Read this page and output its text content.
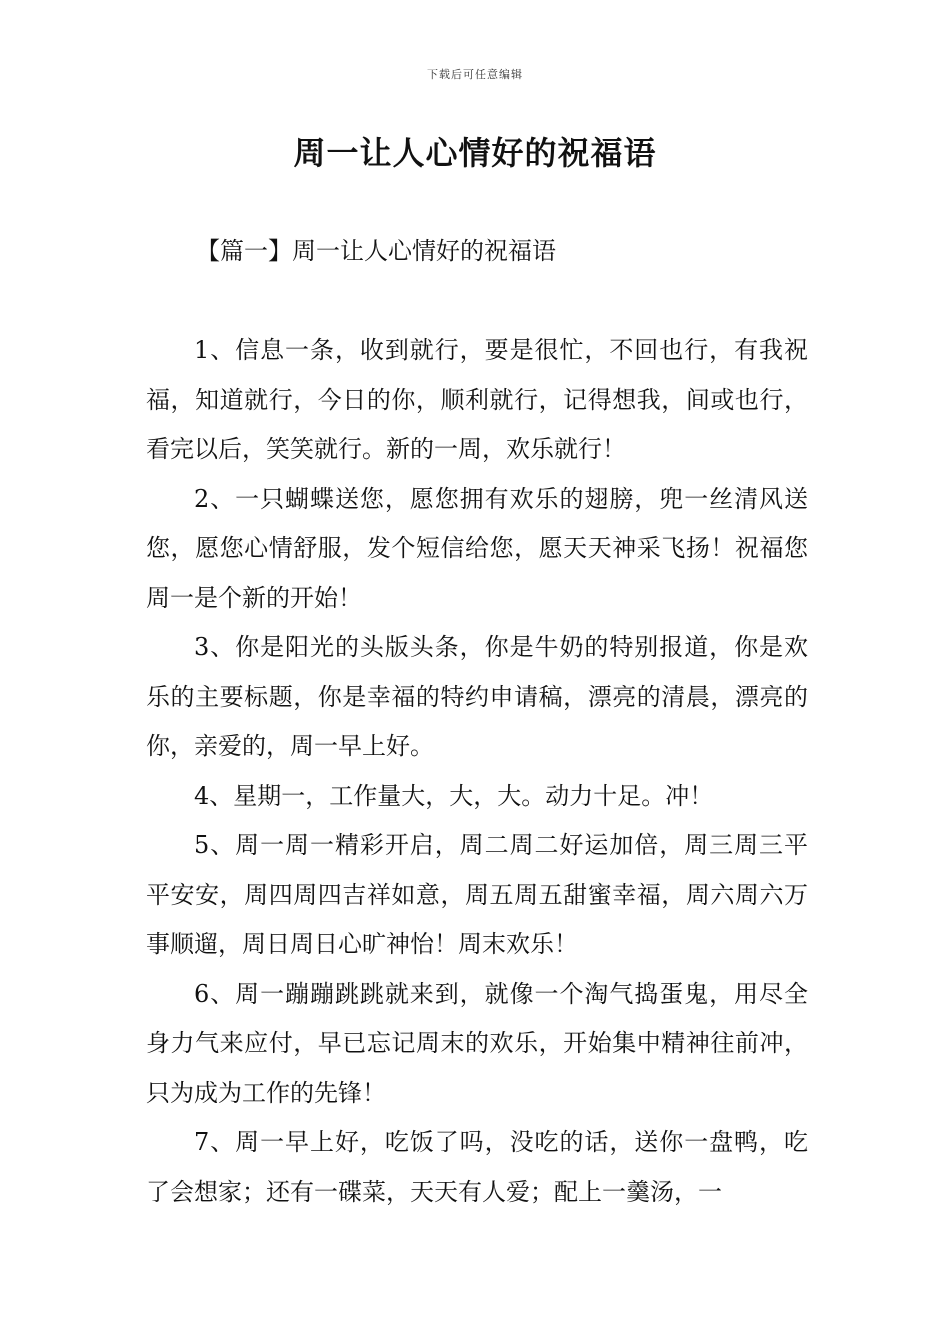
下载后可任意编辑
周一让人心情好的祝福语
【篇一】周一让人心情好的祝福语

1、信息一条，收到就行，要是很忙，不回也行，有我祝福，知道就行，今日的你，顺利就行，记得想我，间或也行，看完以后，笑笑就行。新的一周，欢乐就行！

2、一只蝴蝶送您，愿您拥有欢乐的翅膀，兜一丝清风送您，愿您心情舒服，发个短信给您，愿天天神采飞扬！祝福您周一是个新的开始！

3、你是阳光的头版头条，你是牛奶的特别报道，你是欢乐的主要标题，你是幸福的特约申请稿，漂亮的清晨，漂亮的你，亲爱的，周一早上好。

4、星期一，工作量大，大，大。动力十足。冲！

5、周一周一精彩开启，周二周二好运加倍，周三周三平平安安，周四周四吉祥如意，周五周五甜蜜幸福，周六周六万事顺遛，周日周日心旷神怡！周末欢乐！

6、周一蹦蹦跳跳就来到，就像一个淘气捣蛋鬼，用尽全身力气来应付，早已忘记周末的欢乐，开始集中精神往前冲，只为成为工作的先锋！

7、周一早上好，吃饭了吗，没吃的话，送你一盘鸭，吃了会想家；还有一碟菜，天天有人爱；配上一羹汤，一
